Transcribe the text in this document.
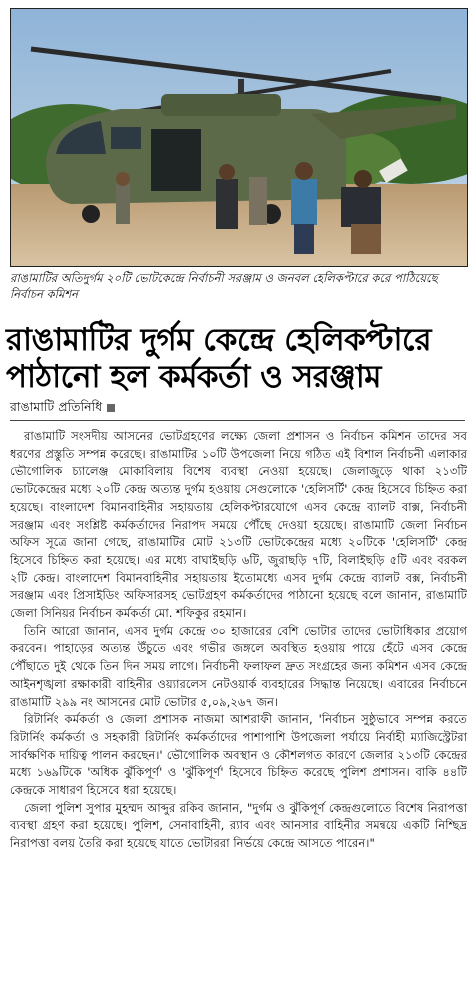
রাঙামাটির অতিদুর্গম ২০টি ভোটকেন্দ্রে নির্বাচনী সরঞ্জাম ও জনবল হেলিকপ্টারে করে পাঠিয়েছে নির্বাচন কমিশন
রাঙামাটির দুর্গম কেন্দ্রে হেলিকপ্টারে পাঠানো হল কর্মকর্তা ও সরঞ্জাম
রাঙামাটি প্রতিনিধি

রাঙামাটি সংসদীয় আসনের ভোটগ্রহণের লক্ষ্যে জেলা প্রশাসন ও নির্বাচন কমিশন তাদের সব ধরণের প্রস্তুতি সম্পন্ন করেছে। রাঙামাটির ১০টি উপজেলা নিয়ে গঠিত এই বিশাল নির্বাচনী এলাকার ভৌগোলিক চ্যালেঞ্জ মোকাবিলায় বিশেষ ব্যবস্থা নেওয়া হয়েছে। জেলাজুড়ে থাকা ২১৩টি ভোটকেন্দ্রের মধ্যে ২০টি কেন্দ্র অত্যন্ত দুর্গম হওয়ায় সেগুলোকে 'হেলিসর্টি' কেন্দ্র হিসেবে চিহ্নিত করা হয়েছে। বাংলাদেশ বিমানবাহিনীর সহায়তায় হেলিকপ্টারযোগে এসব কেন্দ্রে ব্যালট বাক্স, নির্বাচনী সরঞ্জাম এবং সংশ্লিষ্ট কর্মকর্তাদের নিরাপদ সময়ে পৌঁছে দেওয়া হয়েছে। রাঙামাটি জেলা নির্বাচন অফিস সূত্রে জানা গেছে, রাঙামাটির মোট ২১৩টি ভোটকেন্দ্রের মধ্যে ২০টিকে 'হেলিসর্টি' কেন্দ্র হিসেবে চিহ্নিত করা হয়েছে। এর মধ্যে বাঘাইছড়ি ৬টি, জুরাছড়ি ৭টি, বিলাইছড়ি ৫টি এবং বরকল ২টি কেন্দ্র। বাংলাদেশ বিমানবাহিনীর সহায়তায় ইতোমধ্যে এসব দুর্গম কেন্দ্রে ব্যালট বক্স, নির্বাচনী সরঞ্জাম এবং প্রিসাইডিং অফিসারসহ ভোটগ্রহণ কর্মকর্তাদের পাঠানো হয়েছে বলে জানান, রাঙামাটি জেলা সিনিয়র নির্বাচন কর্মকর্তা মো. শফিকুর রহমান।

তিনি আরো জানান, এসব দুর্গম কেন্দ্রে ৩০ হাজারের বেশি ভোটার তাদের ভোটাধিকার প্রয়োগ করবেন। পাহাড়ের অত্যন্ত উঁচুতে এবং গভীর জঙ্গলে অবস্থিত হওয়ায় পায়ে হেঁটে এসব কেন্দ্রে পৌঁছাতে দুই থেকে তিন দিন সময় লাগে। নির্বাচনী ফলাফল দ্রুত সংগ্রহের জন্য কমিশন এসব কেন্দ্রে আইনশৃঙ্খলা রক্ষাকারী বাহিনীর ওয়্যারলেস নেটওয়ার্ক ব্যবহারের সিদ্ধান্ত নিয়েছে। এবারের নির্বাচনে রাঙামাটি ২৯৯ নং আসনের মোট ভোটার ৫,০৯,২৬৭ জন।

রিটার্নিং কর্মকর্তা ও জেলা প্রশাসক নাজমা আশরাফী জানান, 'নির্বাচন সুষ্ঠুভাবে সম্পন্ন করতে রিটার্নিং কর্মকর্তা ও সহকারী রিটার্নিং কর্মকর্তাদের পাশাপাশি উপজেলা পর্যায়ে নির্বাহী ম্যাজিস্ট্রেটরা সার্বক্ষণিক দায়িত্ব পালন করছেন।' ভৌগোলিক অবস্থান ও কৌশলগত কারণে জেলার ২১৩টি কেন্দ্রের মধ্যে ১৬৯টিকে 'অধিক ঝুঁকিপূর্ণ' ও 'ঝুঁকিপূর্ণ' হিসেবে চিহ্নিত করেছে পুলিশ প্রশাসন। বাকি ৪৪টি কেন্দ্রকে সাধারণ হিসেবে ধরা হয়েছে।

জেলা পুলিশ সুপার মুহম্মদ আব্দুর রকিব জানান, "দুর্গম ও ঝুঁকিপূর্ণ কেন্দ্রগুলোতে বিশেষ নিরাপত্তা ব্যবস্থা গ্রহণ করা হয়েছে। পুলিশ, সেনাবাহিনী, র‍্যাব এবং আনসার বাহিনীর সমন্বয়ে একটি নিশ্ছিদ্র নিরাপত্তা বলয় তৈরি করা হয়েছে যাতে ভোটাররা নির্ভয়ে কেন্দ্রে আসতে পারেন।"
